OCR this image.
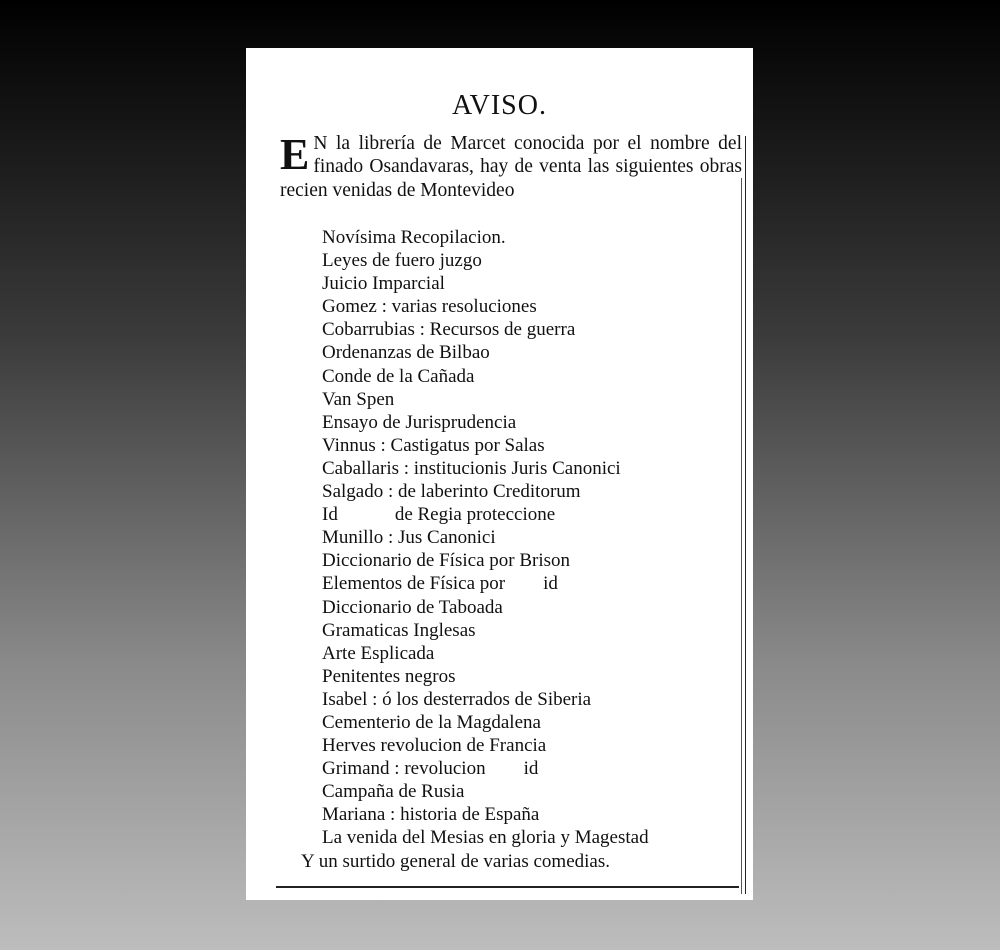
AVISO.
E N la librería de Marcet conocida por el nombre del finado Osandavaras, hay de venta las siguientes obras recien venidas de Montevideo
Novísima Recopilacion.
Leyes de fuero juzgo
Juicio Imparcial
Gomez : varias resoluciones
Cobarrubias : Recursos de guerra
Ordenanzas de Bilbao
Conde de la Cañada
Van Spen
Ensayo de Jurisprudencia
Vinnus : Castigatus por Salas
Caballaris : institucionis Juris Canonici
Salgado : de laberinto Creditorum
Id            de Regia proteccione
Munillo : Jus Canonici
Diccionario de Física por Brison
Elementos de Física por        id
Diccionario de Taboada
Gramaticas Inglesas
Arte Esplicada
Penitentes negros
Isabel : ó los desterrados de Siberia
Cementerio de la Magdalena
Herves revolucion de Francia
Grimand : revolucion        id
Campaña de Rusia
Mariana : historia de España
La venida del Mesias en gloria y Magestad
Y un surtido general de varias comedias.
